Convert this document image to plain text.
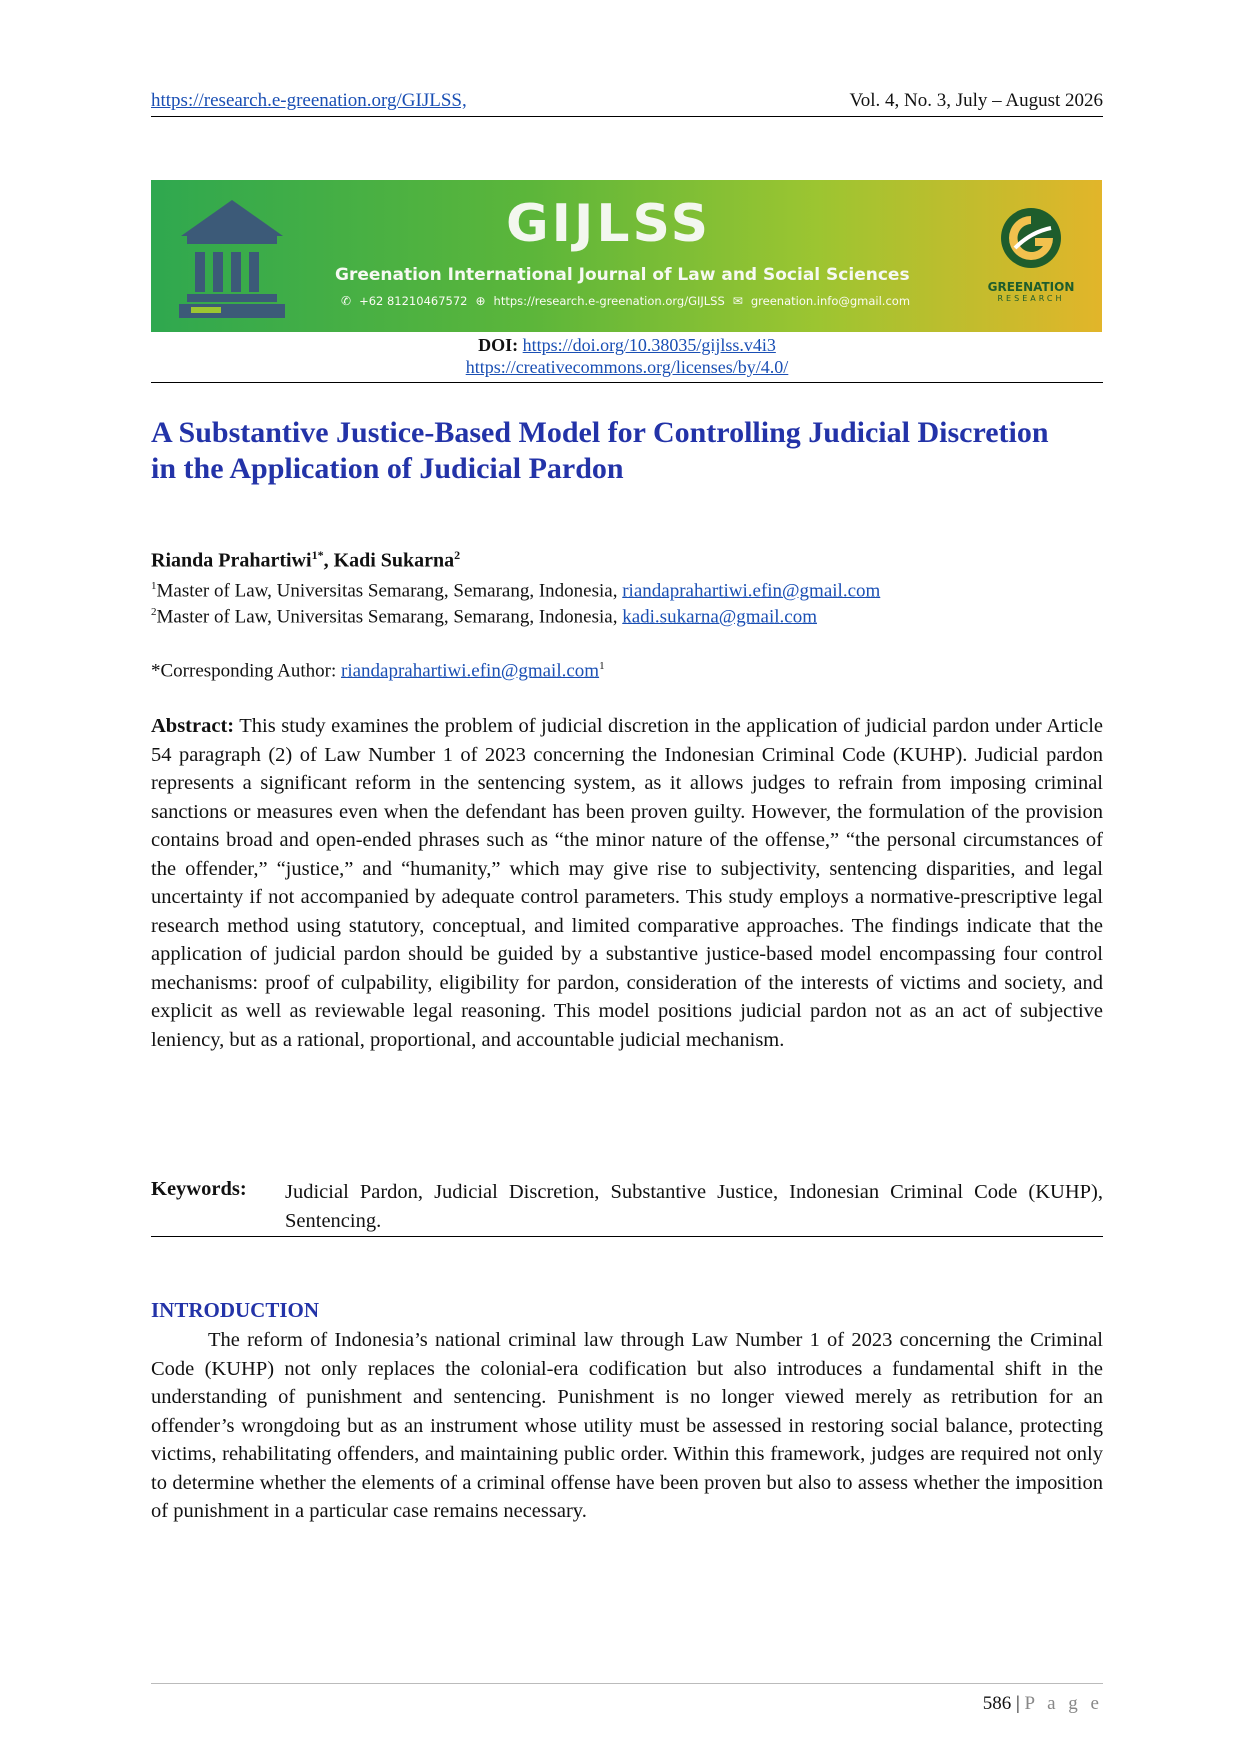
https://research.e-greenation.org/GIJLSS,	Vol. 4, No. 3, July – August 2026
GIJLSS
Greenation International Journal of Law and Social Sciences
✆ +62 81210467572 ⊕ https://research.e-greenation.org/GIJLSS ✉ greenation.info@gmail.com
GREENATION
RESEARCH
DOI: https://doi.org/10.38035/gijlss.v4i3
https://creativecommons.org/licenses/by/4.0/
A Substantive Justice-Based Model for Controlling Judicial Discretion in the Application of Judicial Pardon
Rianda Prahartiwi$^{1*}$, Kadi Sukarna$^2$
$^1$Master of Law, Universitas Semarang, Semarang, Indonesia, riandaprahartiwi.efin@gmail.com
$^2$Master of Law, Universitas Semarang, Semarang, Indonesia, kadi.sukarna@gmail.com
*Corresponding Author: riandaprahartiwi.efin@gmail.com$^1$
Abstract: This study examines the problem of judicial discretion in the application of judicial pardon under Article 54 paragraph (2) of Law Number 1 of 2023 concerning the Indonesian Criminal Code (KUHP). Judicial pardon represents a significant reform in the sentencing system, as it allows judges to refrain from imposing criminal sanctions or measures even when the defendant has been proven guilty. However, the formulation of the provision contains broad and open-ended phrases such as “the minor nature of the offense,” “the personal circumstances of the offender,” “justice,” and “humanity,” which may give rise to subjectivity, sentencing disparities, and legal uncertainty if not accompanied by adequate control parameters. This study employs a normative-prescriptive legal research method using statutory, conceptual, and limited comparative approaches. The findings indicate that the application of judicial pardon should be guided by a substantive justice-based model encompassing four control mechanisms: proof of culpability, eligibility for pardon, consideration of the interests of victims and society, and explicit as well as reviewable legal reasoning. This model positions judicial pardon not as an act of subjective leniency, but as a rational, proportional, and accountable judicial mechanism.
Keywords: Judicial Pardon, Judicial Discretion, Substantive Justice, Indonesian Criminal Code (KUHP), Sentencing.
INTRODUCTION
The reform of Indonesia’s national criminal law through Law Number 1 of 2023 concerning the Criminal Code (KUHP) not only replaces the colonial-era codification but also introduces a fundamental shift in the understanding of punishment and sentencing. Punishment is no longer viewed merely as retribution for an offender’s wrongdoing but as an instrument whose utility must be assessed in restoring social balance, protecting victims, rehabilitating offenders, and maintaining public order. Within this framework, judges are required not only to determine whether the elements of a criminal offense have been proven but also to assess whether the imposition of punishment in a particular case remains necessary.
586 | P a g e
